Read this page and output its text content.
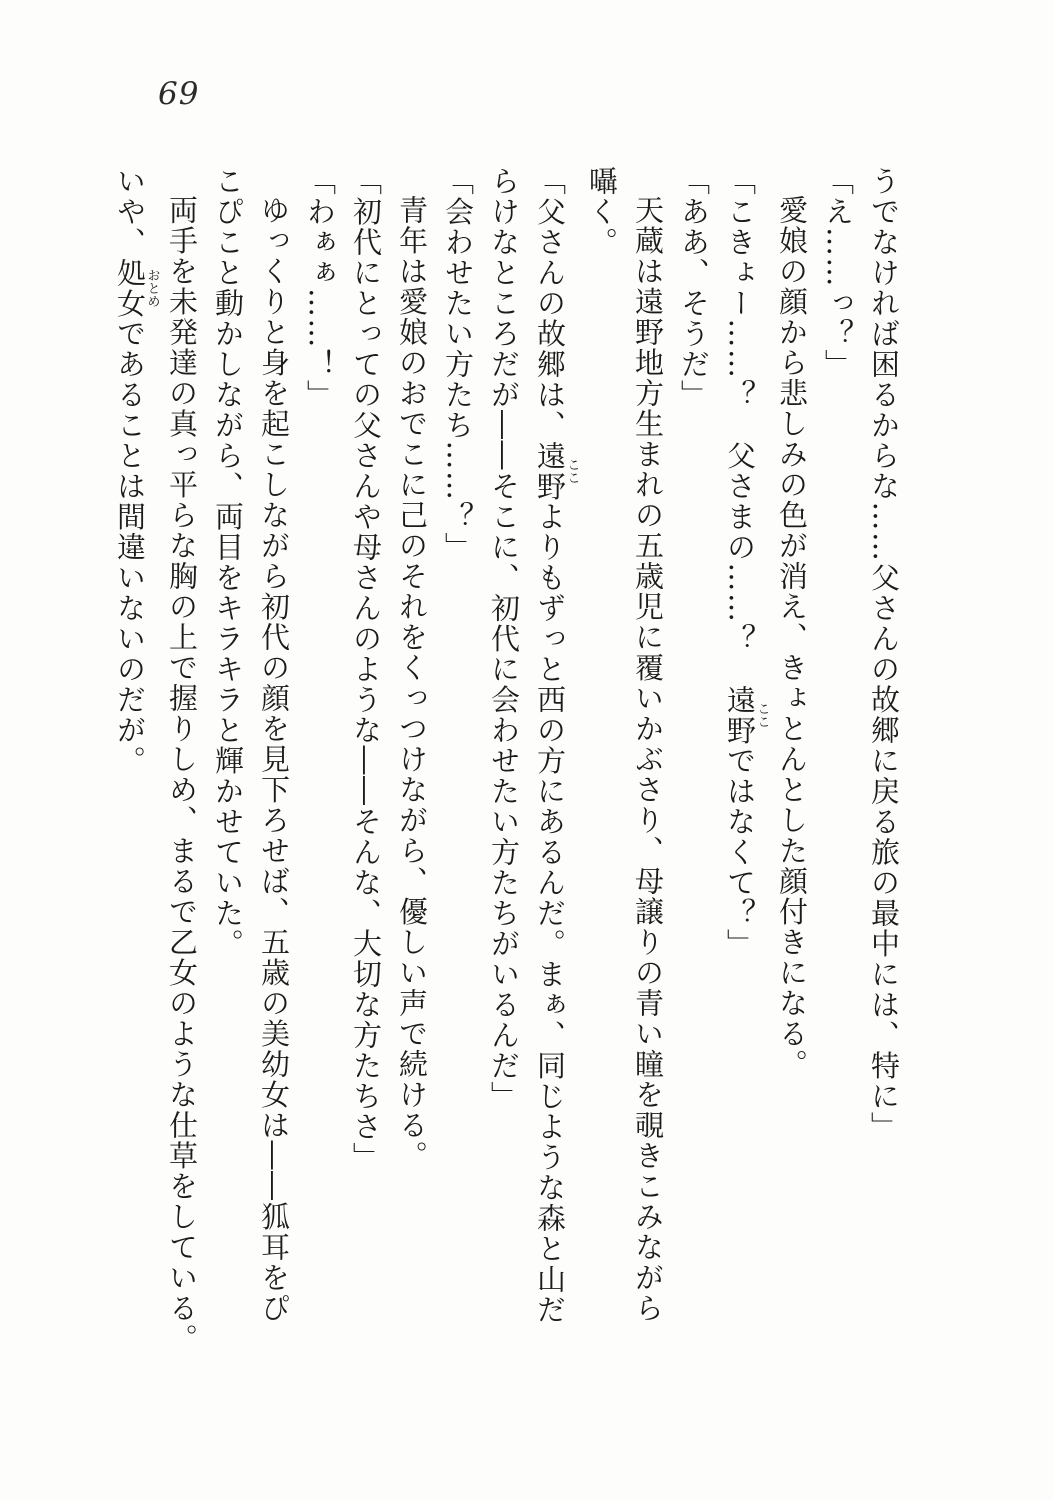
69

うでなければ困るからな……父さんの故郷に戻る旅の最中には、特に」

「え……っ？」

愛娘の顔から悲しみの色が消え、きょとんとした顔付きになる。

「こきょー……？　父さまの……？　遠野ここではなくて？」

「ああ、そうだ」

天蔵は遠野地方生まれの五歳児に覆いかぶさり、母譲りの青い瞳を覗きこみながら

囁く。

「父さんの故郷は、遠野ここよりもずっと西の方にあるんだ。まぁ、同じような森と山だ

らけなところだが――そこに、初代に会わせたい方たちがいるんだ」

「会わせたい方たち……？」

青年は愛娘のおでこに己のそれをくっつけながら、優しい声で続ける。

「初代にとっての父さんや母さんのような――そんな、大切な方たちさ」

「わぁぁ……！」

ゆっくりと身を起こしながら初代の顔を見下ろせば、五歳の美幼女は――狐耳をぴ

こぴこと動かしながら、両目をキラキラと輝かせていた。

両手を未発達の真っ平らな胸の上で握りしめ、まるで乙女のような仕草をしている。

いや、処女おとめであることは間違いないのだが。
